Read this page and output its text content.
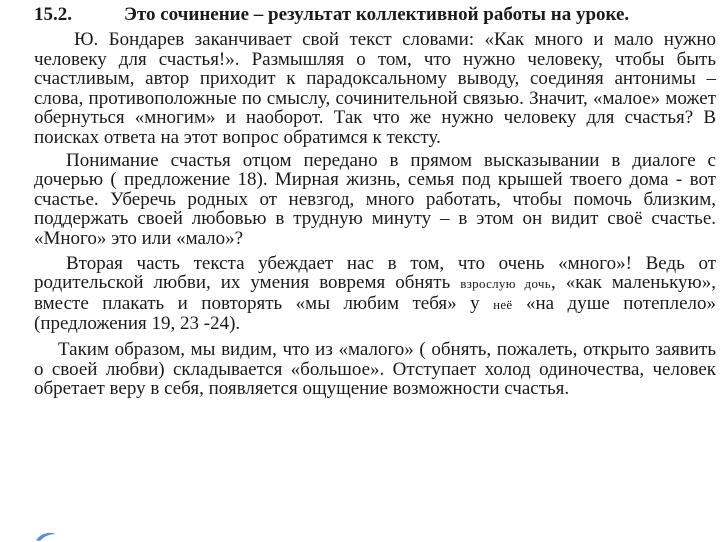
15.2.	Это сочинение – результат коллективной работы на уроке.

Ю. Бондарев заканчивает свой текст словами: «Как много и мало нужно человеку для счастья!». Размышляя о том, что нужно человеку, чтобы быть счастливым, автор приходит к парадоксальному выводу, соединяя антонимы – слова, противоположные по смыслу, сочинительной связью. Значит, «малое» может обернуться «многим» и наоборот. Так что же нужно человеку для счастья? В поисках ответа на этот вопрос обратимся к тексту.

Понимание счастья отцом передано в прямом высказывании в диалоге с дочерью ( предложение 18). Мирная жизнь, семья под крышей твоего дома - вот счастье. Уберечь родных от невзгод, много работать, чтобы помочь близким, поддержать своей любовью в трудную минуту – в этом он видит своё счастье. «Много» это или «мало»?

Вторая часть текста убеждает нас в том, что очень «много»! Ведь от родительской любви, их умения вовремя обнять взрослую дочь, «как маленькую», вместе плакать и повторять «мы любим тебя» у неё «на душе потеплело» (предложения 19, 23 -24).

Таким образом, мы видим, что из «малого» ( обнять, пожалеть, открыто заявить о своей любви) складывается «большое». Отступает холод одиночества, человек обретает веру в себя, появляется ощущение возможности счастья.
